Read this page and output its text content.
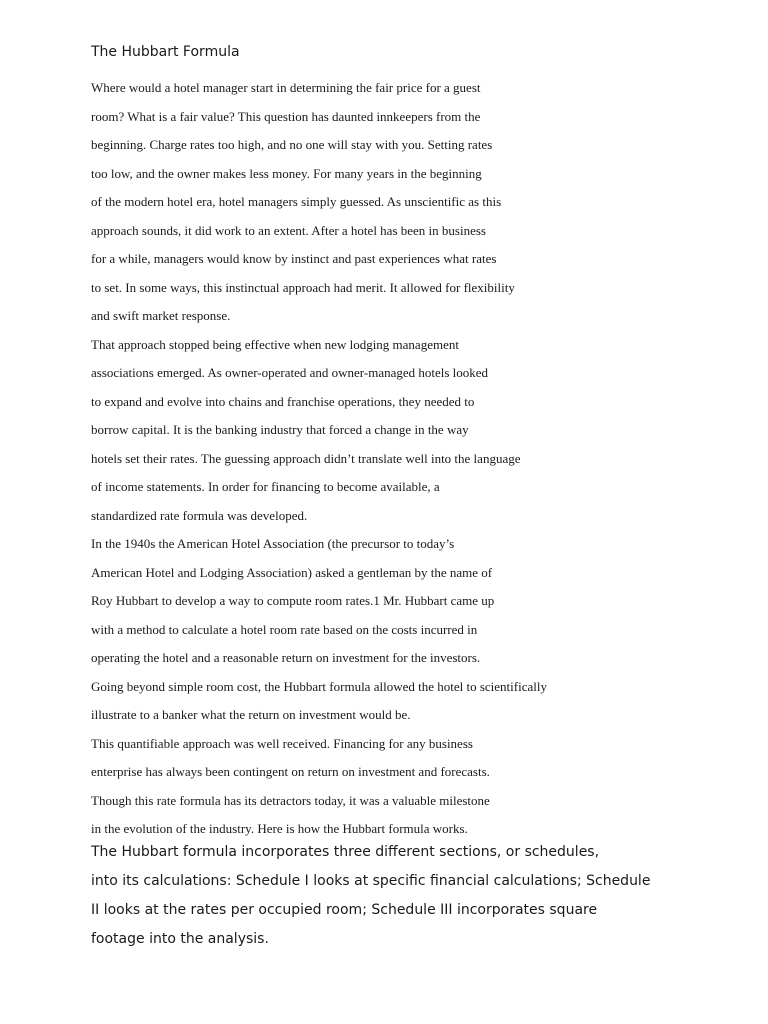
The Hubbart Formula
Where would a hotel manager start in determining the fair price for a guest
room? What is a fair value? This question has daunted innkeepers from the
beginning. Charge rates too high, and no one will stay with you. Setting rates
too low, and the owner makes less money. For many years in the beginning
of the modern hotel era, hotel managers simply guessed. As unscientific as this
approach sounds, it did work to an extent. After a hotel has been in business
for a while, managers would know by instinct and past experiences what rates
to set. In some ways, this instinctual approach had merit. It allowed for flexibility
and swift market response.
That approach stopped being effective when new lodging management
associations emerged. As owner-operated and owner-managed hotels looked
to expand and evolve into chains and franchise operations, they needed to
borrow capital. It is the banking industry that forced a change in the way
hotels set their rates. The guessing approach didn’t translate well into the language
of income statements. In order for financing to become available, a
standardized rate formula was developed.
In the 1940s the American Hotel Association (the precursor to today’s
American Hotel and Lodging Association) asked a gentleman by the name of
Roy Hubbart to develop a way to compute room rates.1 Mr. Hubbart came up
with a method to calculate a hotel room rate based on the costs incurred in
operating the hotel and a reasonable return on investment for the investors.
Going beyond simple room cost, the Hubbart formula allowed the hotel to scientifically
illustrate to a banker what the return on investment would be.
This quantifiable approach was well received. Financing for any business
enterprise has always been contingent on return on investment and forecasts.
Though this rate formula has its detractors today, it was a valuable milestone
in the evolution of the industry. Here is how the Hubbart formula works.
The Hubbart formula incorporates three different sections, or schedules,
into its calculations: Schedule I looks at specific financial calculations; Schedule
II looks at the rates per occupied room; Schedule III incorporates square
footage into the analysis.
